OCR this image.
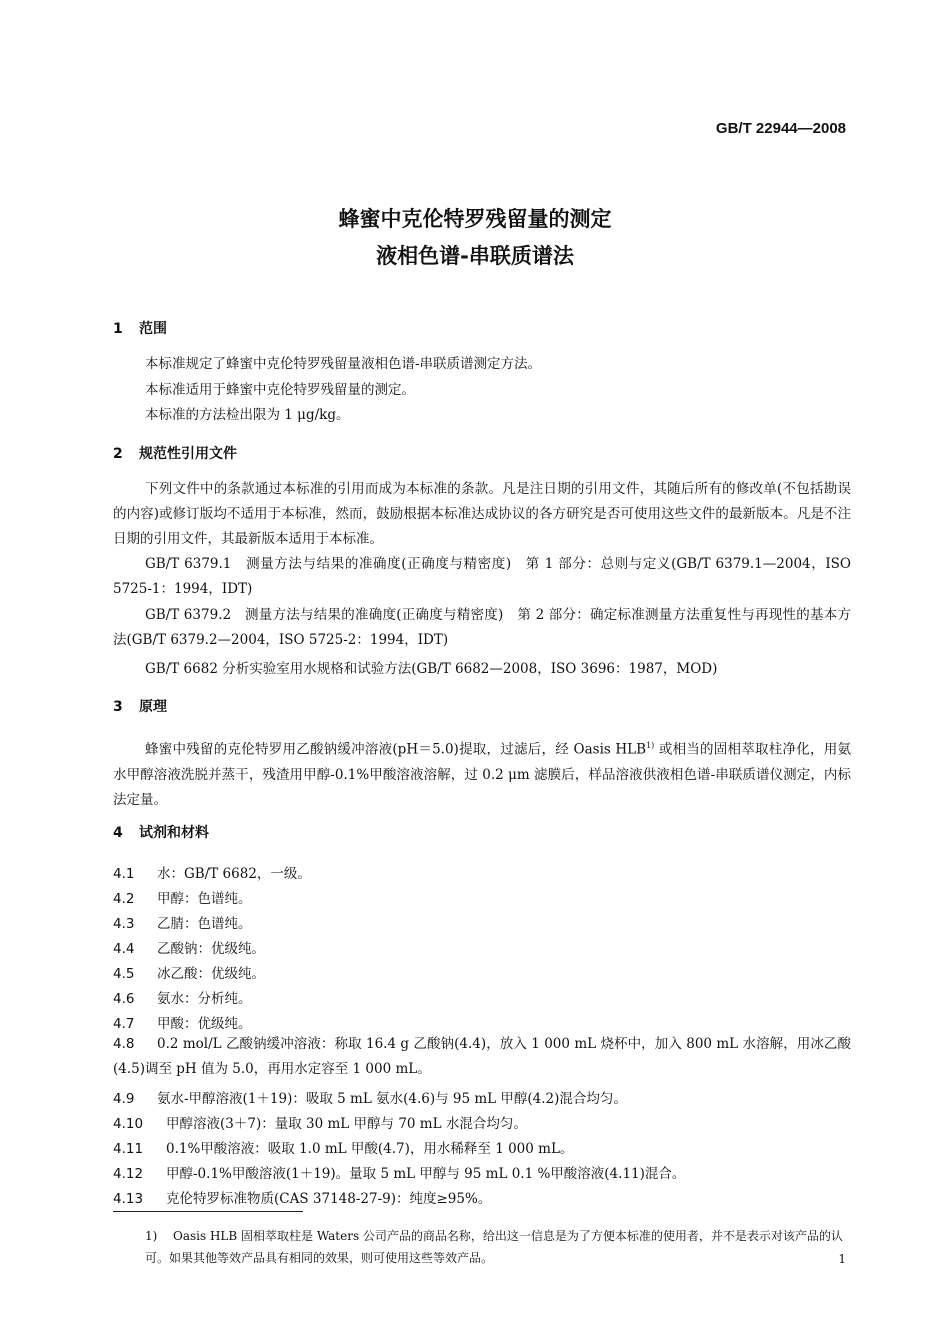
GB/T 22944—2008
蜂蜜中克伦特罗残留量的测定
液相色谱-串联质谱法
1 范围
本标准规定了蜂蜜中克伦特罗残留量液相色谱-串联质谱测定方法。
本标准适用于蜂蜜中克伦特罗残留量的测定。
本标准的方法检出限为 1 μg/kg。
2 规范性引用文件
下列文件中的条款通过本标准的引用而成为本标准的条款。凡是注日期的引用文件，其随后所有的修改单(不包括勘误的内容)或修订版均不适用于本标准，然而，鼓励根据本标准达成协议的各方研究是否可使用这些文件的最新版本。凡是不注日期的引用文件，其最新版本适用于本标准。
GB/T 6379.1　测量方法与结果的准确度(正确度与精密度)　第 1 部分：总则与定义(GB/T 6379.1—2004，ISO 5725-1：1994，IDT)
GB/T 6379.2　测量方法与结果的准确度(正确度与精密度)　第 2 部分：确定标准测量方法重复性与再现性的基本方法(GB/T 6379.2—2004，ISO 5725-2：1994，IDT)
GB/T 6682 分析实验室用水规格和试验方法(GB/T 6682—2008，ISO 3696：1987，MOD)
3 原理
蜂蜜中残留的克伦特罗用乙酸钠缓冲溶液(pH＝5.0)提取，过滤后，经 Oasis HLB$^{1)}$ 或相当的固相萃取柱净化，用氨水甲醇溶液洗脱并蒸干，残渣用甲醇-0.1%甲酸溶液溶解，过 0.2 μm 滤膜后，样品溶液供液相色谱-串联质谱仪测定，内标法定量。
4 试剂和材料
4.1 水：GB/T 6682，一级。
4.2 甲醇：色谱纯。
4.3 乙腈：色谱纯。
4.4 乙酸钠：优级纯。
4.5 冰乙酸：优级纯。
4.6 氨水：分析纯。
4.7 甲酸：优级纯。
4.8 0.2 mol/L 乙酸钠缓冲溶液：称取 16.4 g 乙酸钠(4.4)，放入 1 000 mL 烧杯中，加入 800 mL 水溶解，用冰乙酸(4.5)调至 pH 值为 5.0，再用水定容至 1 000 mL。
4.9 氨水-甲醇溶液(1＋19)：吸取 5 mL 氨水(4.6)与 95 mL 甲醇(4.2)混合均匀。
4.10 甲醇溶液(3＋7)：量取 30 mL 甲醇与 70 mL 水混合均匀。
4.11 0.1%甲酸溶液：吸取 1.0 mL 甲酸(4.7)，用水稀释至 1 000 mL。
4.12 甲醇-0.1%甲酸溶液(1＋19)。量取 5 mL 甲醇与 95 mL 0.1 %甲酸溶液(4.11)混合。
4.13 克伦特罗标准物质(CAS 37148-27-9)：纯度≥95%。
1) Oasis HLB 固相萃取柱是 Waters 公司产品的商品名称，给出这一信息是为了方便本标准的使用者，并不是表示对该产品的认可。如果其他等效产品具有相同的效果，则可使用这些等效产品。	1
